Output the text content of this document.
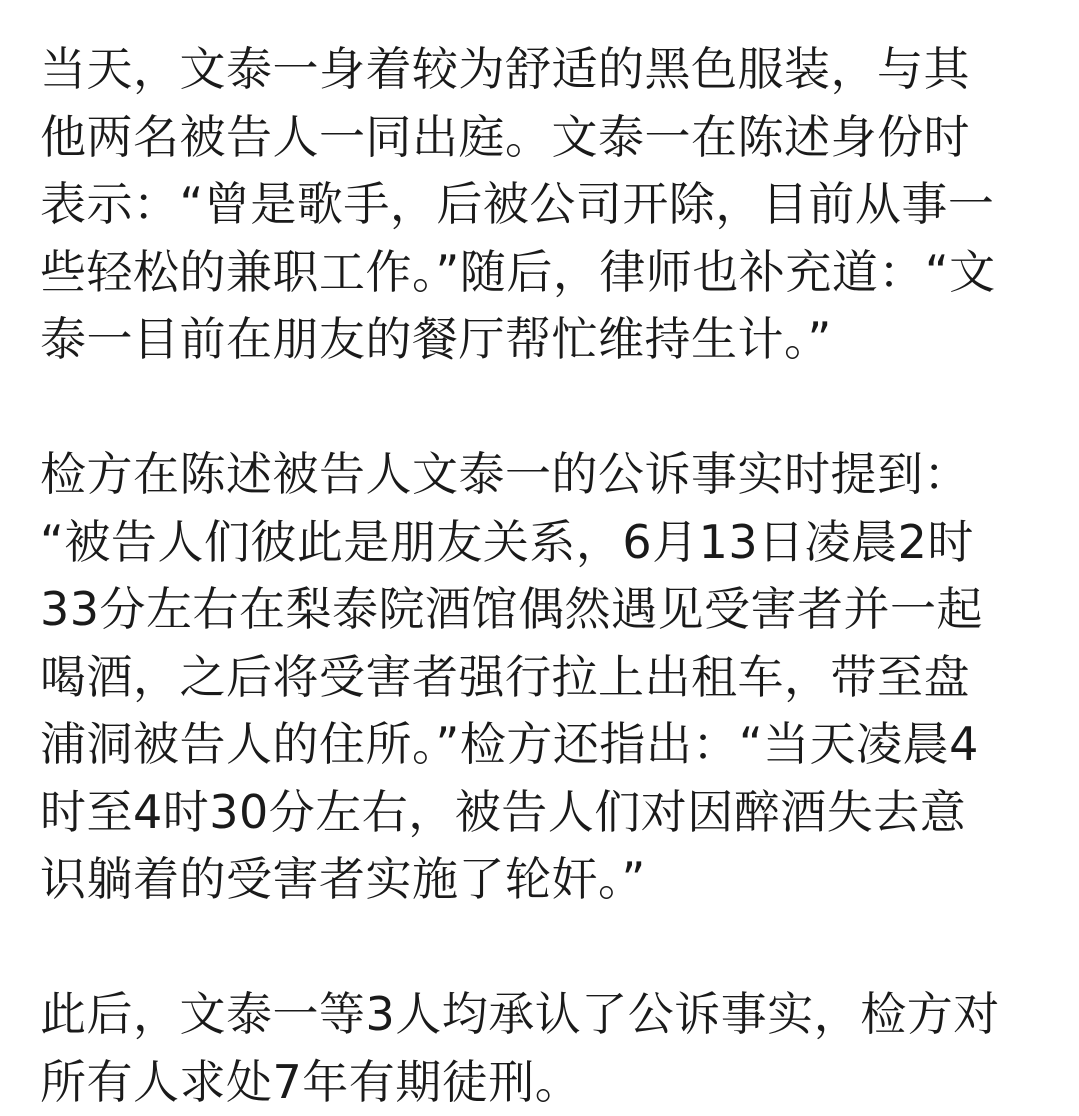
当天，文泰一身着较为舒适的黑色服装，与其
他两名被告人一同出庭。文泰一在陈述身份时
表示：“曾是歌手，后被公司开除，目前从事一
些轻松的兼职工作。”随后，律师也补充道：“文
泰一目前在朋友的餐厅帮忙维持生计。”

检方在陈述被告人文泰一的公诉事实时提到：
“被告人们彼此是朋友关系，6月13日凌晨2时
33分左右在梨泰院酒馆偶然遇见受害者并一起
喝酒，之后将受害者强行拉上出租车，带至盘
浦洞被告人的住所。”检方还指出：“当天凌晨4
时至4时30分左右，被告人们对因醉酒失去意
识躺着的受害者实施了轮奸。”

此后，文泰一等3人均承认了公诉事实，检方对
所有人求处7年有期徒刑。
